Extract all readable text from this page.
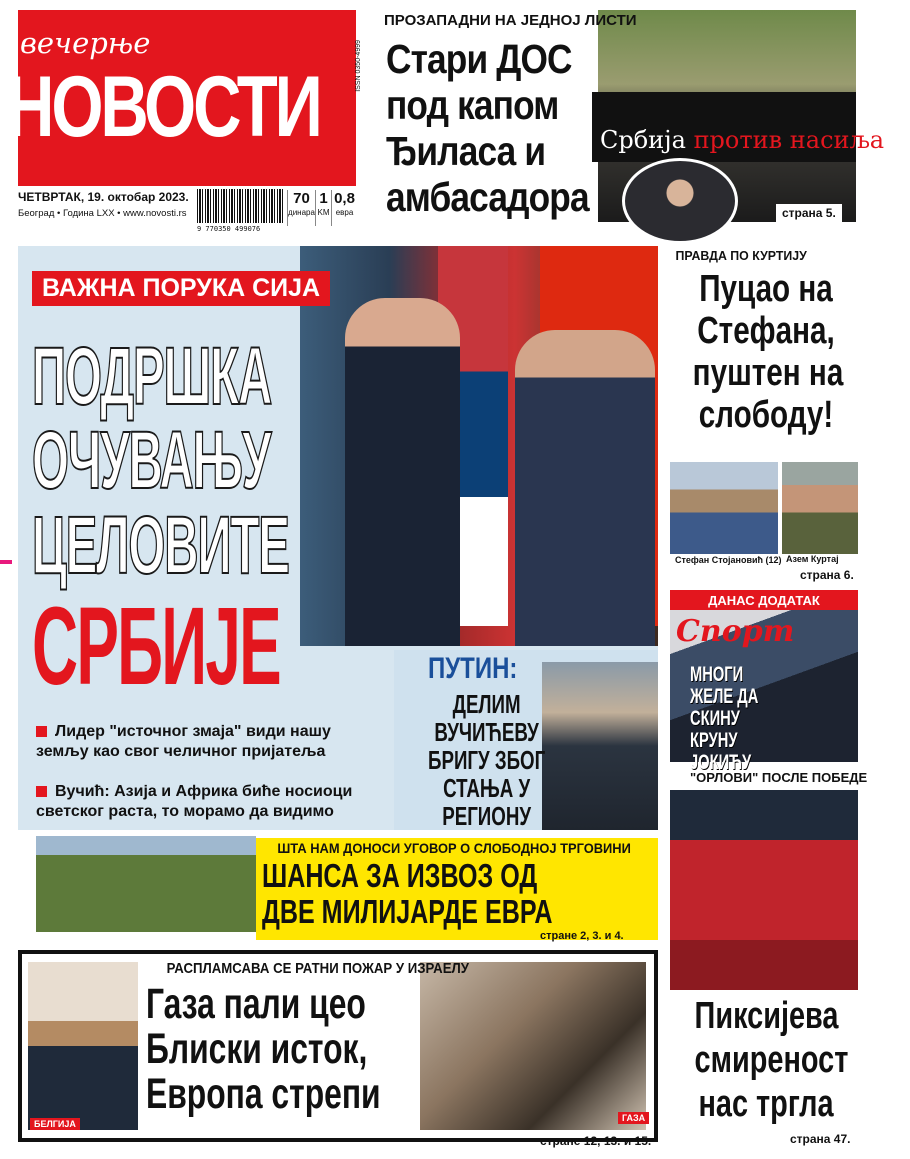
вечерње
НОВОСТИ
ЧЕТВРТАК, 19. октобар 2023.
Београд • Година LXX • www.novosti.rs
9 770350 499076
ISSN 0350-4999
70
динара
1
KM
0,8
евра
Србија против насиља
ПРОЗАПАДНИ НА ЈЕДНОЈ ЛИСТИ
Стари ДОС
под капом
Ђиласа и
амбасадора	страна 5.
ВАЖНА ПОРУКА СИЈА
ПОДРШКА
ОЧУВАЊУ
ЦЕЛОВИТЕ
СРБИЈЕ
Лидер "источног змаја" види нашу земљу као свог челичног пријатеља
Вучић: Азија и Африка биће носиоци светског раста, то морамо да видимо
ПУТИН:
ДЕЛИМ
ВУЧИЋЕВУ
БРИГУ ЗБОГ
СТАЊА У
РЕГИОНУ
ШТА НАМ ДОНОСИ УГОВОР О СЛОБОДНОЈ ТРГОВИНИ
ШАНСА ЗА ИЗВОЗ ОД
ДВЕ МИЛИЈАРДЕ ЕВРА
стране 2, 3. и 4.
БЕЛГИЈА
ГАЗА
РАСПЛАМСАВА СЕ РАТНИ ПОЖАР У ИЗРАЕЛУ
Газа пали цео
Блиски исток,
Европа стрепи
стране 12, 13. и 15.
ПРАВДА ПО КУРТИЈУ
Пуцао на
Стефана,
пуштен на
слободу!
Стефан Стојановић (12) Азем Куртај
страна 6.
ДАНАС ДОДАТАК
Спорт
МНОГИ
ЖЕЛЕ ДА
СКИНУ
КРУНУ
ЈОКИЋУ
"ОРЛОВИ" ПОСЛЕ ПОБЕДЕ
Пиксијева
смиреност
нас тргла
страна 47.
